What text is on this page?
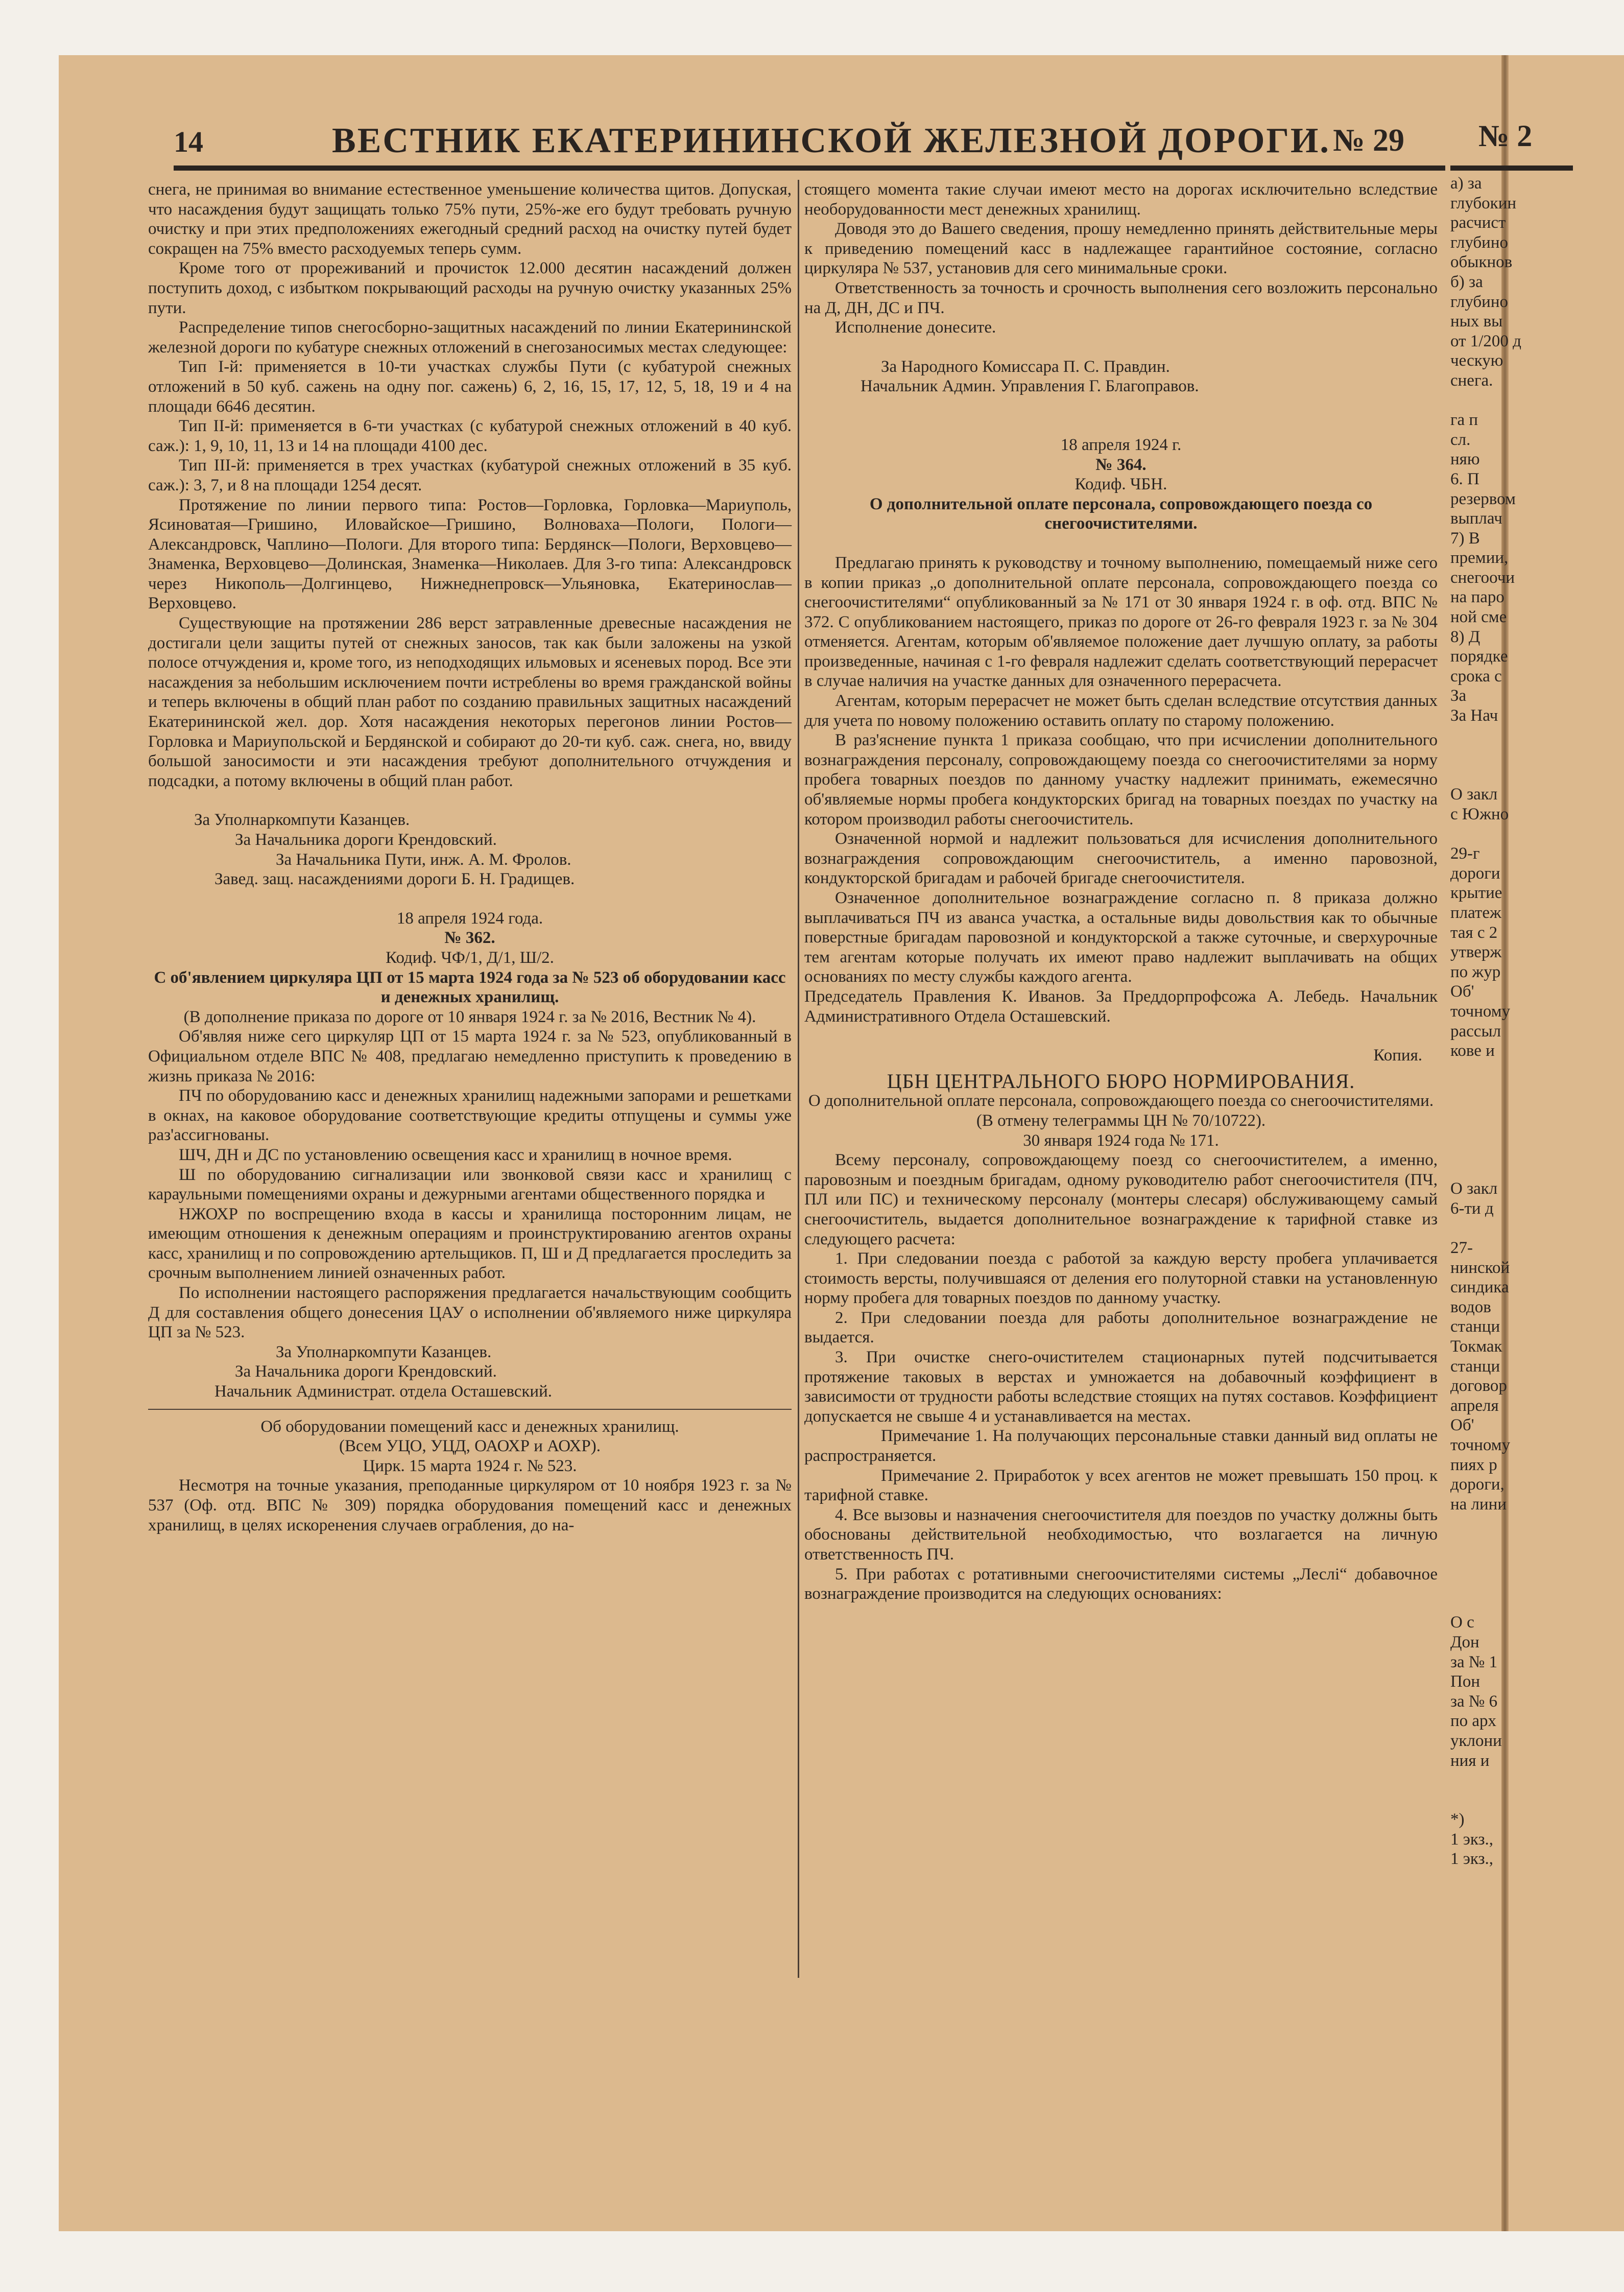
14	ВЕСТНИК ЕКАТЕРИНИНСКОЙ ЖЕЛЕЗНОЙ ДОРОГИ. № 29

снега, не принимая во внимание естественное уменьшение количества щитов. Допуская, что насаждения будут защищать только 75% пути, 25%-же его будут требовать ручную очистку и при этих предположениях ежегодный средний расход на очистку путей будет сокращен на 75% вместо расходуемых теперь сумм.

Кроме того от прореживаний и прочисток 12.000 десятин насаждений должен поступить доход, с избытком покрывающий расходы на ручную очистку указанных 25% пути.

Распределение типов снегосборно-защитных насаждений по линии Екатерининской железной дороги по кубатуре снежных отложений в снегозаносимых местах следующее:

Тип I-й: применяется в 10-ти участках службы Пути (с кубатурой снежных отложений в 50 куб. сажень на одну пог. сажень) 6, 2, 16, 15, 17, 12, 5, 18, 19 и 4 на площади 6646 десятин.

Тип II-й: применяется в 6-ти участках (с кубатурой снежных отложений в 40 куб. саж.): 1, 9, 10, 11, 13 и 14 на площади 4100 дес.

Тип III-й: применяется в трех участках (кубатурой снежных отложений в 35 куб. саж.): 3, 7, и 8 на площади 1254 десят.

Протяжение по линии первого типа: Ростов—Горловка, Горловка—Мариуполь, Ясиноватая—Гришино, Иловайское—Гришино, Волноваха—Пологи, Пологи—Александровск, Чаплино—Пологи. Для второго типа: Бердянск—Пологи, Верховцево—Знаменка, Верховцево—Долинская, Знаменка—Николаев. Для 3-го типа: Александровск через Никополь—Долгинцево, Нижнеднепровск—Ульяновка, Екатеринослав—Верховцево.

Существующие на протяжении 286 верст затравленные древесные насаждения не достигали цели защиты путей от снежных заносов, так как были заложены на узкой полосе отчуждения и, кроме того, из неподходящих ильмовых и ясеневых пород. Все эти насаждения за небольшим исключением почти истреблены во время гражданской войны и теперь включены в общий план работ по созданию правильных защитных насаждений Екатерининской жел. дор. Хотя насаждения некоторых перегонов линии Ростов—Горловка и Мариупольской и Бердянской и собирают до 20-ти куб. саж. снега, но, ввиду большой заносимости и эти насаждения требуют дополнительного отчуждения и подсадки, а потому включены в общий план работ.

За Уполнаркомпути Казанцев.

За Начальника дороги Крендовский.

За Начальника Пути, инж. А. М. Фролов.

Завед. защ. насаждениями дороги Б. Н. Градищев.

18 апреля 1924 года.

№ 362.

Кодиф. ЧФ/1, Д/1, Ш/2.

С об'явлением циркуляра ЦП от 15 марта 1924 года за № 523 об оборудовании касс и денежных хранилищ.

(В дополнение приказа по дороге от 10 января 1924 г. за № 2016, Вестник № 4).

Об'являя ниже сего циркуляр ЦП от 15 марта 1924 г. за № 523, опубликованный в Официальном отделе ВПС № 408, предлагаю немедленно приступить к проведению в жизнь приказа № 2016:

ПЧ по оборудованию касс и денежных хранилищ надежными запорами и решетками в окнах, на каковое оборудование соответствующие кредиты отпущены и суммы уже раз'ассигнованы.

ШЧ, ДН и ДС по установлению освещения касс и хранилищ в ночное время.

Ш по оборудованию сигнализации или звонковой связи касс и хранилищ с караульными помещениями охраны и дежурными агентами общественного порядка и

НЖОХР по воспрещению входа в кассы и хранилища посторонним лицам, не имеющим отношения к денежным операциям и проинструктированию агентов охраны касс, хранилищ и по сопровождению артельщиков. П, Ш и Д предлагается проследить за срочным выполнением линией означенных работ.

По исполнении настоящего распоряжения предлагается начальствующим сообщить Д для составления общего донесения ЦАУ о исполнении об'являемого ниже циркуляра ЦП за № 523.

За Уполнаркомпути Казанцев.

За Начальника дороги Крендовский.

Начальник Администрат. отдела Осташевский.

Об оборудовании помещений касс и денежных хранилищ.

(Всем УЦО, УЦД, ОАОХР и АОХР).

Цирк. 15 марта 1924 г. № 523.

Несмотря на точные указания, преподанные циркуляром от 10 ноября 1923 г. за № 537 (Оф. отд. ВПС № 309) порядка оборудования помещений касс и денежных хранилищ, в целях искоренения случаев ограбления, до на-

стоящего момента такие случаи имеют место на дорогах исключительно вследствие необорудованности мест денежных хранилищ.

Доводя это до Вашего сведения, прошу немедленно принять действительные меры к приведению помещений касс в надлежащее гарантийное состояние, согласно циркуляра № 537, установив для сего минимальные сроки.

Ответственность за точность и срочность выполнения сего возложить персонально на Д, ДН, ДС и ПЧ.

Исполнение донесите.

За Народного Комиссара П. С. Правдин.

Начальник Админ. Управления Г. Благоправов.

18 апреля 1924 г.

№ 364.

Кодиф. ЧБН.

О дополнительной оплате персонала, сопровождающего поезда со снегоочистителями.

Предлагаю принять к руководству и точному выполнению, помещаемый ниже сего в копии приказ „о дополнительной оплате персонала, сопровождающего поезда со снегоочистителями“ опубликованный за № 171 от 30 января 1924 г. в оф. отд. ВПС № 372. С опубликованием настоящего, приказ по дороге от 26-го февраля 1923 г. за № 304 отменяется. Агентам, которым об'являемое положение дает лучшую оплату, за работы произведенные, начиная с 1-го февраля надлежит сделать соответствующий перерасчет в случае наличия на участке данных для означенного перерасчета.

Агентам, которым перерасчет не может быть сделан вследствие отсутствия данных для учета по новому положению оставить оплату по старому положению.

В раз'яснение пункта 1 приказа сообщаю, что при исчислении дополнительного вознаграждения персоналу, сопровождающему поезда со снегоочистителями за норму пробега товарных поездов по данному участку надлежит принимать, ежемесячно об'являемые нормы пробега кондукторских бригад на товарных поездах по участку на котором производил работы снегоочиститель.

Означенной нормой и надлежит пользоваться для исчисления дополнительного вознаграждения сопровождающим снегоочиститель, а именно паровозной, кондукторской бригадам и рабочей бригаде снегоочистителя.

Означенное дополнительное вознаграждение согласно п. 8 приказа должно выплачиваться ПЧ из аванса участка, а остальные виды довольствия как то обычные поверстные бригадам паровозной и кондукторской а также суточные, и сверхурочные тем агентам которые получать их имеют право надлежит выплачивать на общих основаниях по месту службы каждого агента.

Председатель Правления К. Иванов. За Преддорпрофсожа А. Лебедь. Начальник Административного Отдела Осташевский.

Копия.

ЦБН ЦЕНТРАЛЬНОГО БЮРО НОРМИРОВАНИЯ.

О дополнительной оплате персонала, сопровождающего поезда со снегоочистителями.

(В отмену телеграммы ЦН № 70/10722).

30 января 1924 года № 171.

Всему персоналу, сопровождающему поезд со снегоочистителем, а именно, паровозным и поездным бригадам, одному руководителю работ снегоочистителя (ПЧ, ПЛ или ПС) и техническому персоналу (монтеры слесаря) обслуживающему самый снегоочиститель, выдается дополнительное вознаграждение к тарифной ставке из следующего расчета:

1. При следовании поезда с работой за каждую версту пробега уплачивается стоимость версты, получившаяся от деления его полуторной ставки на установленную норму пробега для товарных поездов по данному участку.

2. При следовании поезда для работы дополнительное вознаграждение не выдается.

3. При очистке снего-очистителем стационарных путей подсчитывается протяжение таковых в верстах и умножается на добавочный коэффициент в зависимости от трудности работы вследствие стоящих на путях составов. Коэффициент допускается не свыше 4 и устанавливается на местах.

Примечание 1. На получающих персональные ставки данный вид оплаты не распространяется.

Примечание 2. Приработок у всех агентов не может превышать 150 проц. к тарифной ставке.

4. Все вызовы и назначения снегоочистителя для поездов по участку должны быть обоснованы действительной необходимостью, что возлагается на личную ответственность ПЧ.

5. При работах с ротативными снегоочистителями системы „Леслі“ добавочное вознаграждение производится на следующих основаниях:

№ 2
а) за
глубокин
расчист
глубино
обыкнов
б) за
глубино
ных вы
от 1/200 д
ческую
снега.

га п
сл.
няю
6. П
резервом
выплач
7) В
премии,
снегоочи
на паро
ной сме
8) Д
порядке
срока с
За
За Нач

О закл
с Южно

29-г
дороги
крытие
платеж
тая с 2
утверж
по жур
Об'
точному
рассыл
кове и

О закл
6-ти д

27-
нинской
синдика
водов
станци
Токмак
станци
договор
апреля
Об'
точному
пиях р
дороги,
на лини

О с
Дон
за № 1
Пон
за № 6
по арх
уклони
ния и

*)
1 экз.,
1 экз.,
